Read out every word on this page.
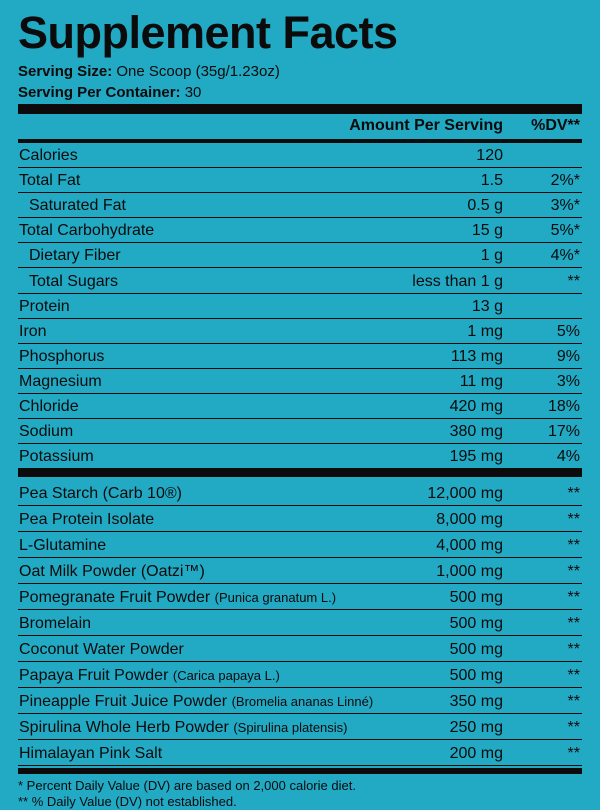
Supplement Facts
Serving Size: One Scoop (35g/1.23oz)
Serving Per Container: 30
Amount Per Serving %DV**
Calories	120
Total Fat	1.5	2%*
Saturated Fat	0.5 g	3%*
Total Carbohydrate	15 g	5%*
Dietary Fiber	1 g	4%*
Total Sugars	less than 1 g	**
Protein	13 g
Iron	1 mg	5%
Phosphorus	113 mg	9%
Magnesium	11 mg	3%
Chloride	420 mg	18%
Sodium	380 mg	17%
Potassium	195 mg	4%
Pea Starch (Carb 10®)	12,000 mg	**
Pea Protein Isolate	8,000 mg	**
L-Glutamine	4,000 mg	**
Oat Milk Powder (Oatzi™)	1,000 mg	**
Pomegranate Fruit Powder (Punica granatum L.)	500 mg	**
Bromelain	500 mg	**
Coconut Water Powder	500 mg	**
Papaya Fruit Powder (Carica papaya L.)	500 mg	**
Pineapple Fruit Juice Powder (Bromelia ananas Linné)	350 mg	**
Spirulina Whole Herb Powder (Spirulina platensis)	250 mg	**
Himalayan Pink Salt	200 mg	**
* Percent Daily Value (DV) are based on 2,000 calorie diet.
** % Daily Value (DV) not established.
